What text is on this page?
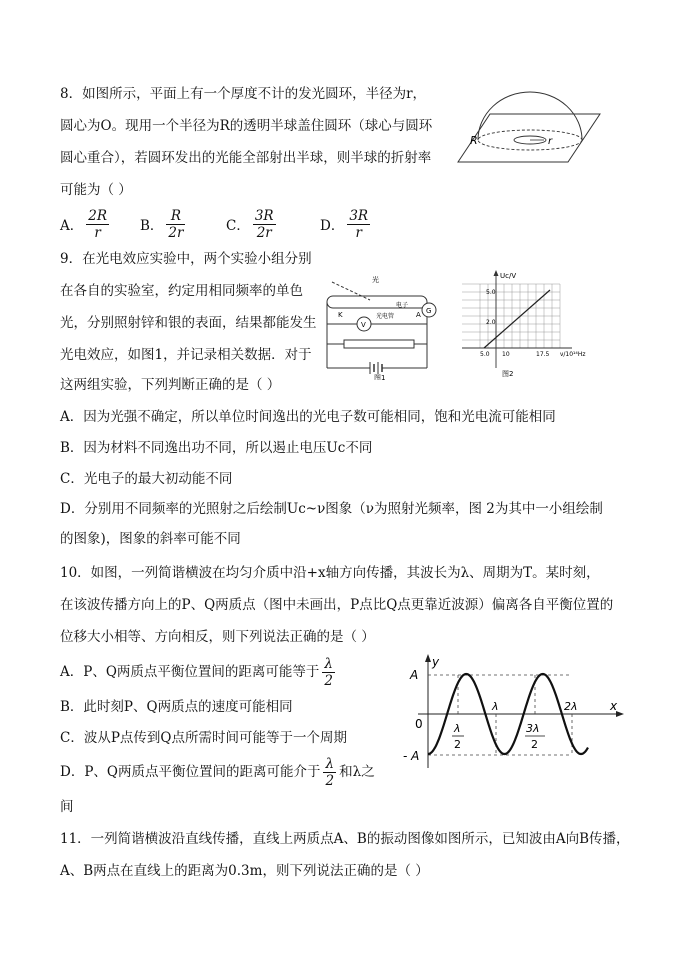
8．如图所示，平面上有一个厚度不计的发光圆环，半径为r，
圆心为O。现用一个半径为R的透明半球盖住圆环（球心与圆环
圆心重合），若圆环发出的光能全部射出半球，则半球的折射率
可能为（ ）
A． $\frac{2R}{r}$ B． $\frac{R}{2r}$	C． $\frac{3R}{2r}$	D． $\frac{3R}{r}$
R	r
9．在光电效应实验中，两个实验小组分别
在各自的实验室，约定用相同频率的单色
光，分别照射锌和银的表面，结果都能发生
光电效应，如图1，并记录相关数据．对于
这两组实验，下列判断正确的是（ ）
光
K
电子
A
光电管
G
V
图1
Uc/V
5.0
2.0
5.0 10	17.5 ν/10¹⁴Hz
图2
A．因为光强不确定，所以单位时间逸出的光电子数可能相同，饱和光电流可能相同
B．因为材料不同逸出功不同，所以遏止电压Uc不同
C．光电子的最大初动能不同
D．分别用不同频率的光照射之后绘制Uc~ν图象（ν为照射光频率，图 2为其中一小组绘制
的图象)，图象的斜率可能不同
10．如图，一列简谐横波在均匀介质中沿+x轴方向传播，其波长为λ、周期为T。某时刻，
在该波传播方向上的P、Q两质点（图中未画出，P点比Q点更靠近波源）偏离各自平衡位置的
位移大小相等、方向相反，则下列说法正确的是（ ）
A．P、Q两质点平衡位置间的距离可能等于 $\frac{\lambda}{2}$
B．此时刻P、Q两质点的速度可能相同
C．波从P点传到Q点所需时间可能等于一个周期
D．P、Q两质点平衡位置间的距离可能介于 $\frac{\lambda}{2}$ 和λ之
间
y
x
A
- A
0	λ
2
λ
3λ
2
2λ
11．一列简谐横波沿直线传播，直线上两质点A、B的振动图像如图所示，已知波由A向B传播，
A、B两点在直线上的距离为0.3m，则下列说法正确的是（ ）
